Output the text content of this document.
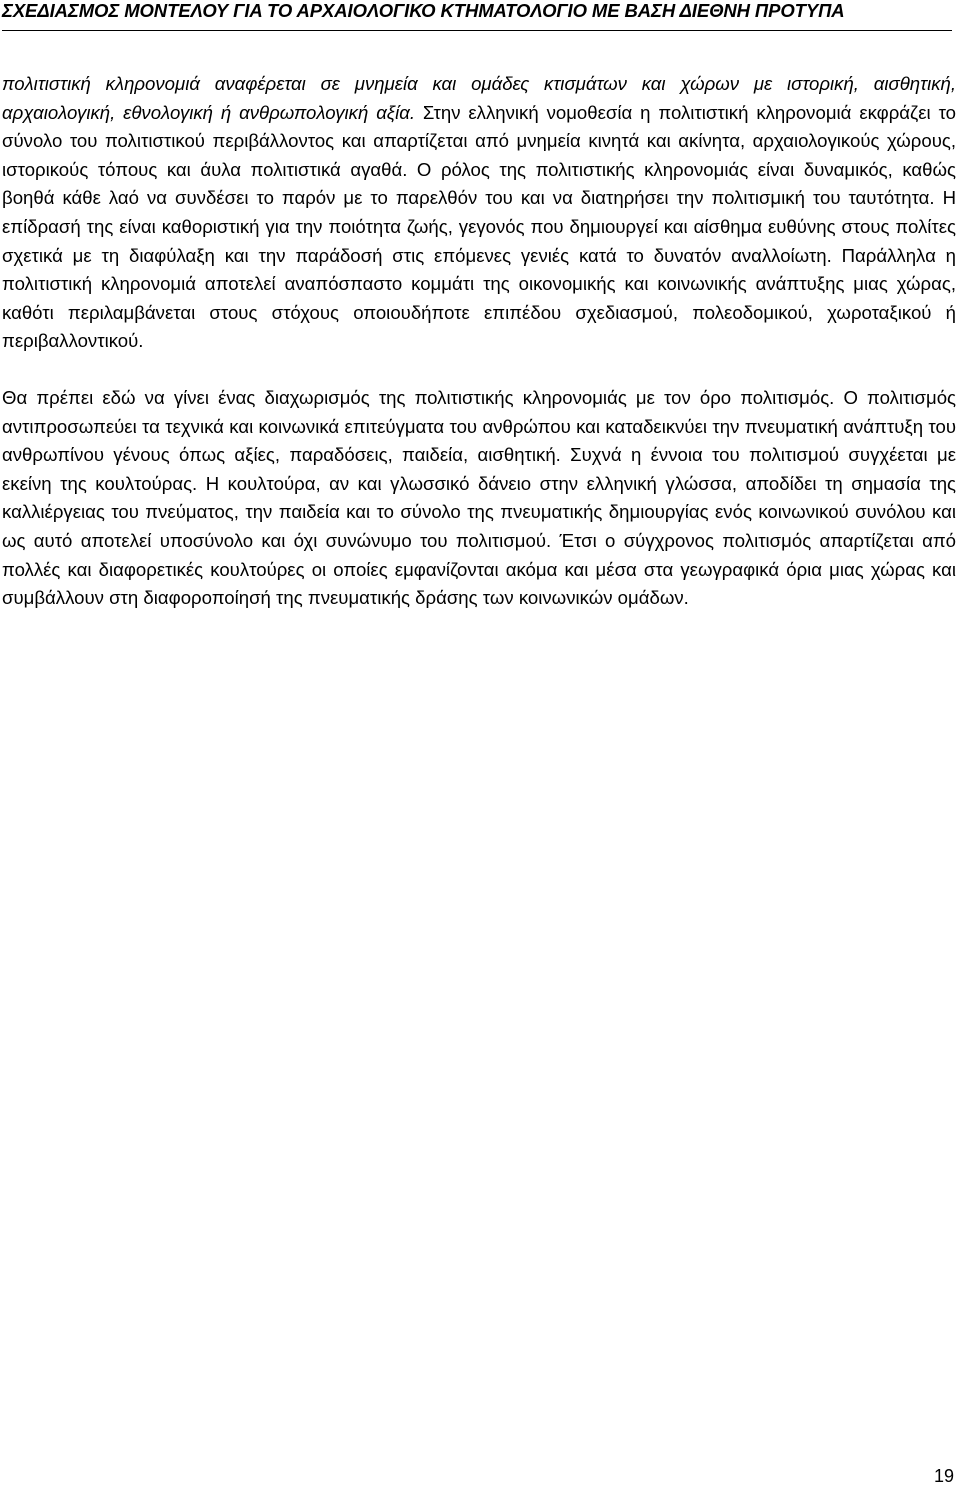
ΣΧΕΔΙΑΣΜΟΣ ΜΟΝΤΕΛΟΥ ΓΙΑ ΤΟ ΑΡΧΑΙΟΛΟΓΙΚΟ ΚΤΗΜΑΤΟΛΟΓΙΟ ΜΕ ΒΑΣΗ ΔΙΕΘΝΗ ΠΡΟΤΥΠΑ

πολιτιστική κληρονομιά αναφέρεται σε μνημεία και ομάδες κτισμάτων και χώρων με ιστορική, αισθητική, αρχαιολογική, εθνολογική ή ανθρωπολογική αξία. Στην ελληνική νομοθεσία η πολιτιστική κληρονομιά εκφράζει το σύνολο του πολιτιστικού περιβάλλοντος και απαρτίζεται από μνημεία κινητά και ακίνητα, αρχαιολογικούς χώρους, ιστορικούς τόπους και άυλα πολιτιστικά αγαθά. Ο ρόλος της πολιτιστικής κληρονομιάς είναι δυναμικός, καθώς βοηθά κάθε λαό να συνδέσει το παρόν με το παρελθόν του και να διατηρήσει την πολιτισμική του ταυτότητα. Η επίδρασή της είναι καθοριστική για την ποιότητα ζωής, γεγονός που δημιουργεί και αίσθημα ευθύνης στους πολίτες σχετικά με τη διαφύλαξη και την παράδοσή στις επόμενες γενιές κατά το δυνατόν αναλλοίωτη. Παράλληλα η πολιτιστική κληρονομιά αποτελεί αναπόσπαστο κομμάτι της οικονομικής και κοινωνικής ανάπτυξης μιας χώρας, καθότι περιλαμβάνεται στους στόχους οποιουδήποτε επιπέδου σχεδιασμού, πολεοδομικού, χωροταξικού ή περιβαλλοντικού.

Θα πρέπει εδώ να γίνει ένας διαχωρισμός της πολιτιστικής κληρονομιάς με τον όρο πολιτισμός. Ο πολιτισμός αντιπροσωπεύει τα τεχνικά και κοινωνικά επιτεύγματα του ανθρώπου και καταδεικνύει την πνευματική ανάπτυξη του ανθρωπίνου γένους όπως αξίες, παραδόσεις, παιδεία, αισθητική. Συχνά η έννοια του πολιτισμού συγχέεται με εκείνη της κουλτούρας. Η κουλτούρα, αν και γλωσσικό δάνειο στην ελληνική γλώσσα, αποδίδει τη σημασία της καλλιέργειας του πνεύματος, την παιδεία και το σύνολο της πνευματικής δημιουργίας ενός κοινωνικού συνόλου και ως αυτό αποτελεί υποσύνολο και όχι συνώνυμο του πολιτισμού. Έτσι ο σύγχρονος πολιτισμός απαρτίζεται από πολλές και διαφορετικές κουλτούρες οι οποίες εμφανίζονται ακόμα και μέσα στα γεωγραφικά όρια μιας χώρας και συμβάλλουν στη διαφοροποίησή της πνευματικής δράσης των κοινωνικών ομάδων.

19
